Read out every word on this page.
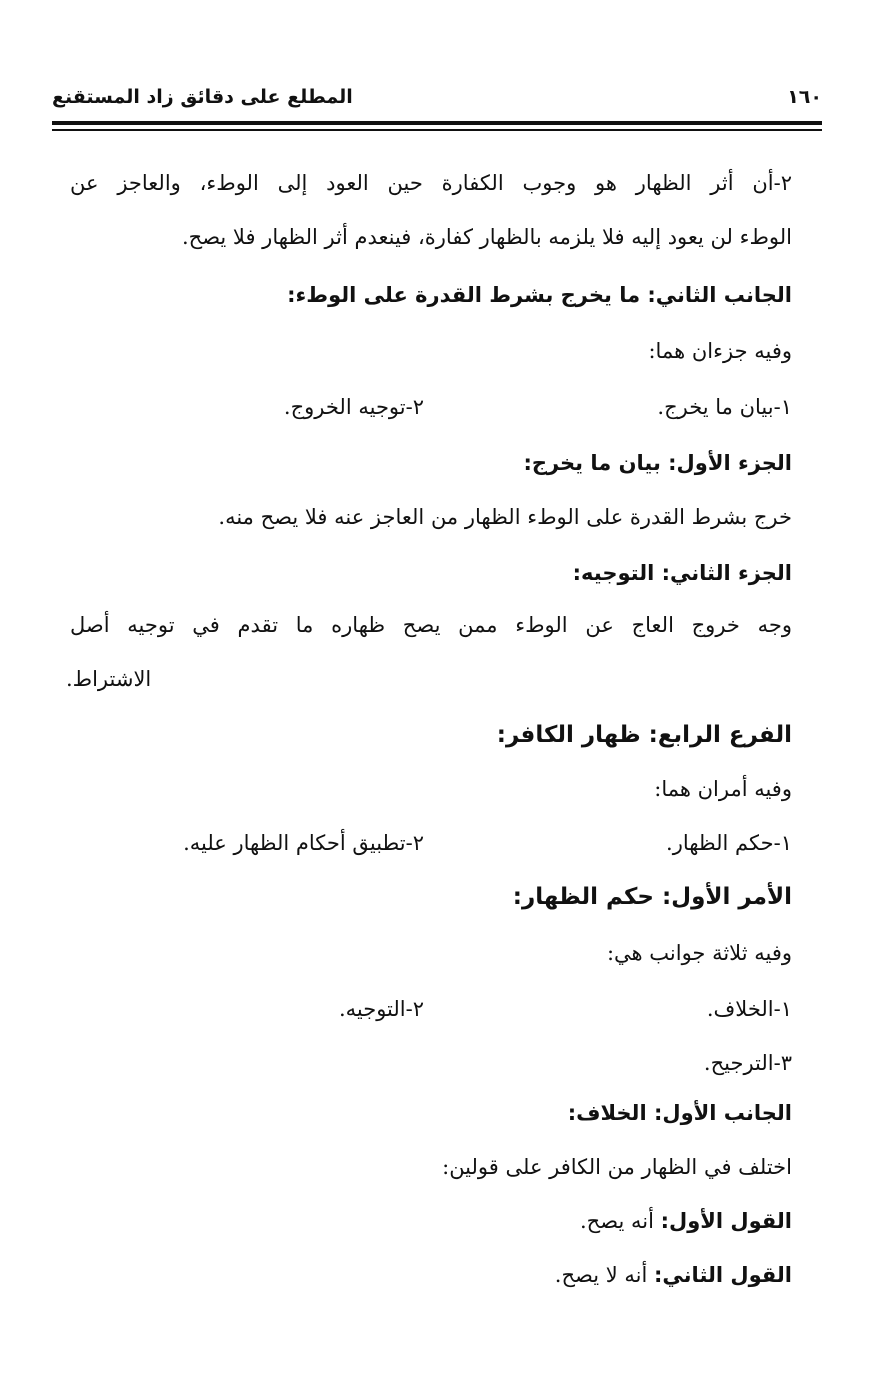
١٦٠
المطلع على دقائق زاد المستقنع
٢-أن أثر الظهار هو وجوب الكفارة حين العود إلى الوطء، والعاجز عن
الوطء لن يعود إليه فلا يلزمه بالظهار كفارة، فينعدم أثر الظهار فلا يصح.
الجانب الثاني: ما يخرج بشرط القدرة على الوطء:
وفيه جزءان هما:
١-بيان ما يخرج.
٢-توجيه الخروج.
الجزء الأول: بيان ما يخرج:
خرج بشرط القدرة على الوطء الظهار من العاجز عنه فلا يصح منه.
الجزء الثاني: التوجيه:
وجه خروج العاج عن الوطء ممن يصح ظهاره ما تقدم في توجيه أصل
الاشتراط.
الفرع الرابع: ظهار الكافر:
وفيه أمران هما:
١-حكم الظهار.
٢-تطبيق أحكام الظهار عليه.
الأمر الأول: حكم الظهار:
وفيه ثلاثة جوانب هي:
١-الخلاف.
٢-التوجيه.
٣-الترجيح.
الجانب الأول: الخلاف:
اختلف في الظهار من الكافر على قولين:
القول الأول: أنه يصح.
القول الثاني: أنه لا يصح.
